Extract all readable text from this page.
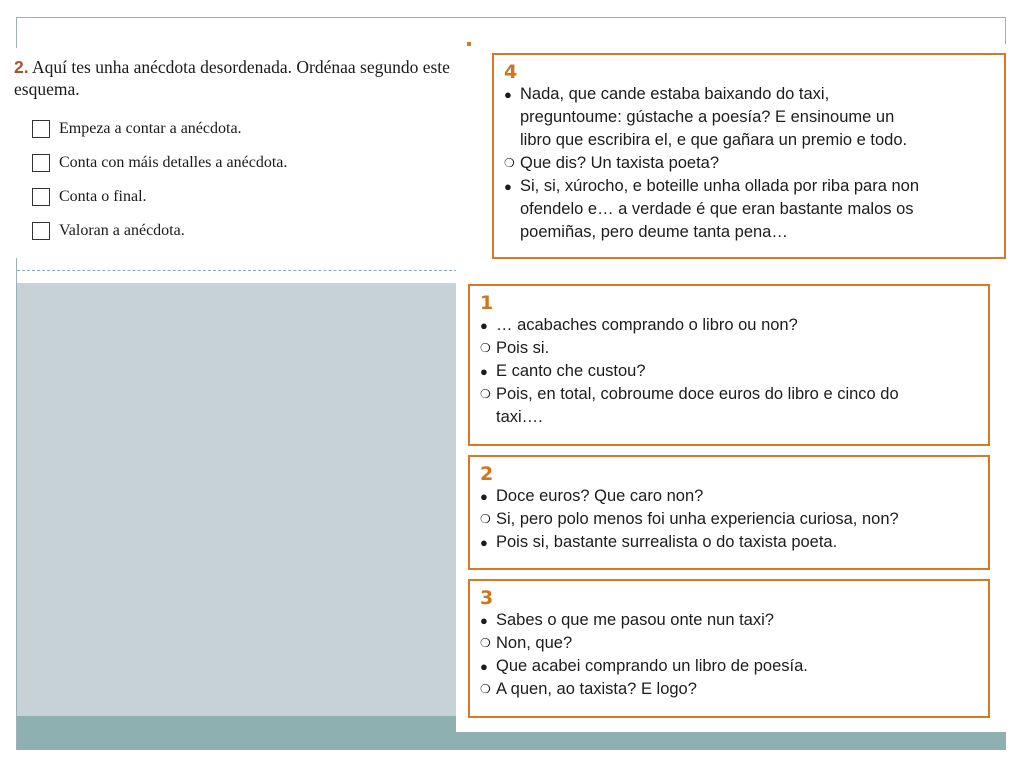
2. Aquí tes unha anécdota desordenada. Ordénaa segundo este esquema.
Empeza a contar a anécdota.
Conta con máis detalles a anécdota.
Conta o final.
Valoran a anécdota.
4
●
Nada, que cande estaba baixando do taxi,
preguntoume: gústache a poesía? E ensinoume un
libro que escribira el, e que gañara un premio e todo.
❍
Que dis? Un taxista poeta?
●
Si, si, xúrocho, e boteille unha ollada por riba para non
ofendelo e… a verdade é que eran bastante malos os
poemiñas, pero deume tanta pena…
1
●
… acabaches comprando o libro ou non?
❍
Pois si.
●
E canto che custou?
❍
Pois, en total, cobroume doce euros do libro e cinco do
taxi….
2
●
Doce euros? Que caro non?
❍
Si, pero polo menos foi unha experiencia curiosa, non?
●
Pois si, bastante surrealista o do taxista poeta.
3
●
Sabes o que me pasou onte nun taxi?
❍
Non, que?
●
Que acabei comprando un libro de poesía.
❍
A quen, ao taxista? E logo?
